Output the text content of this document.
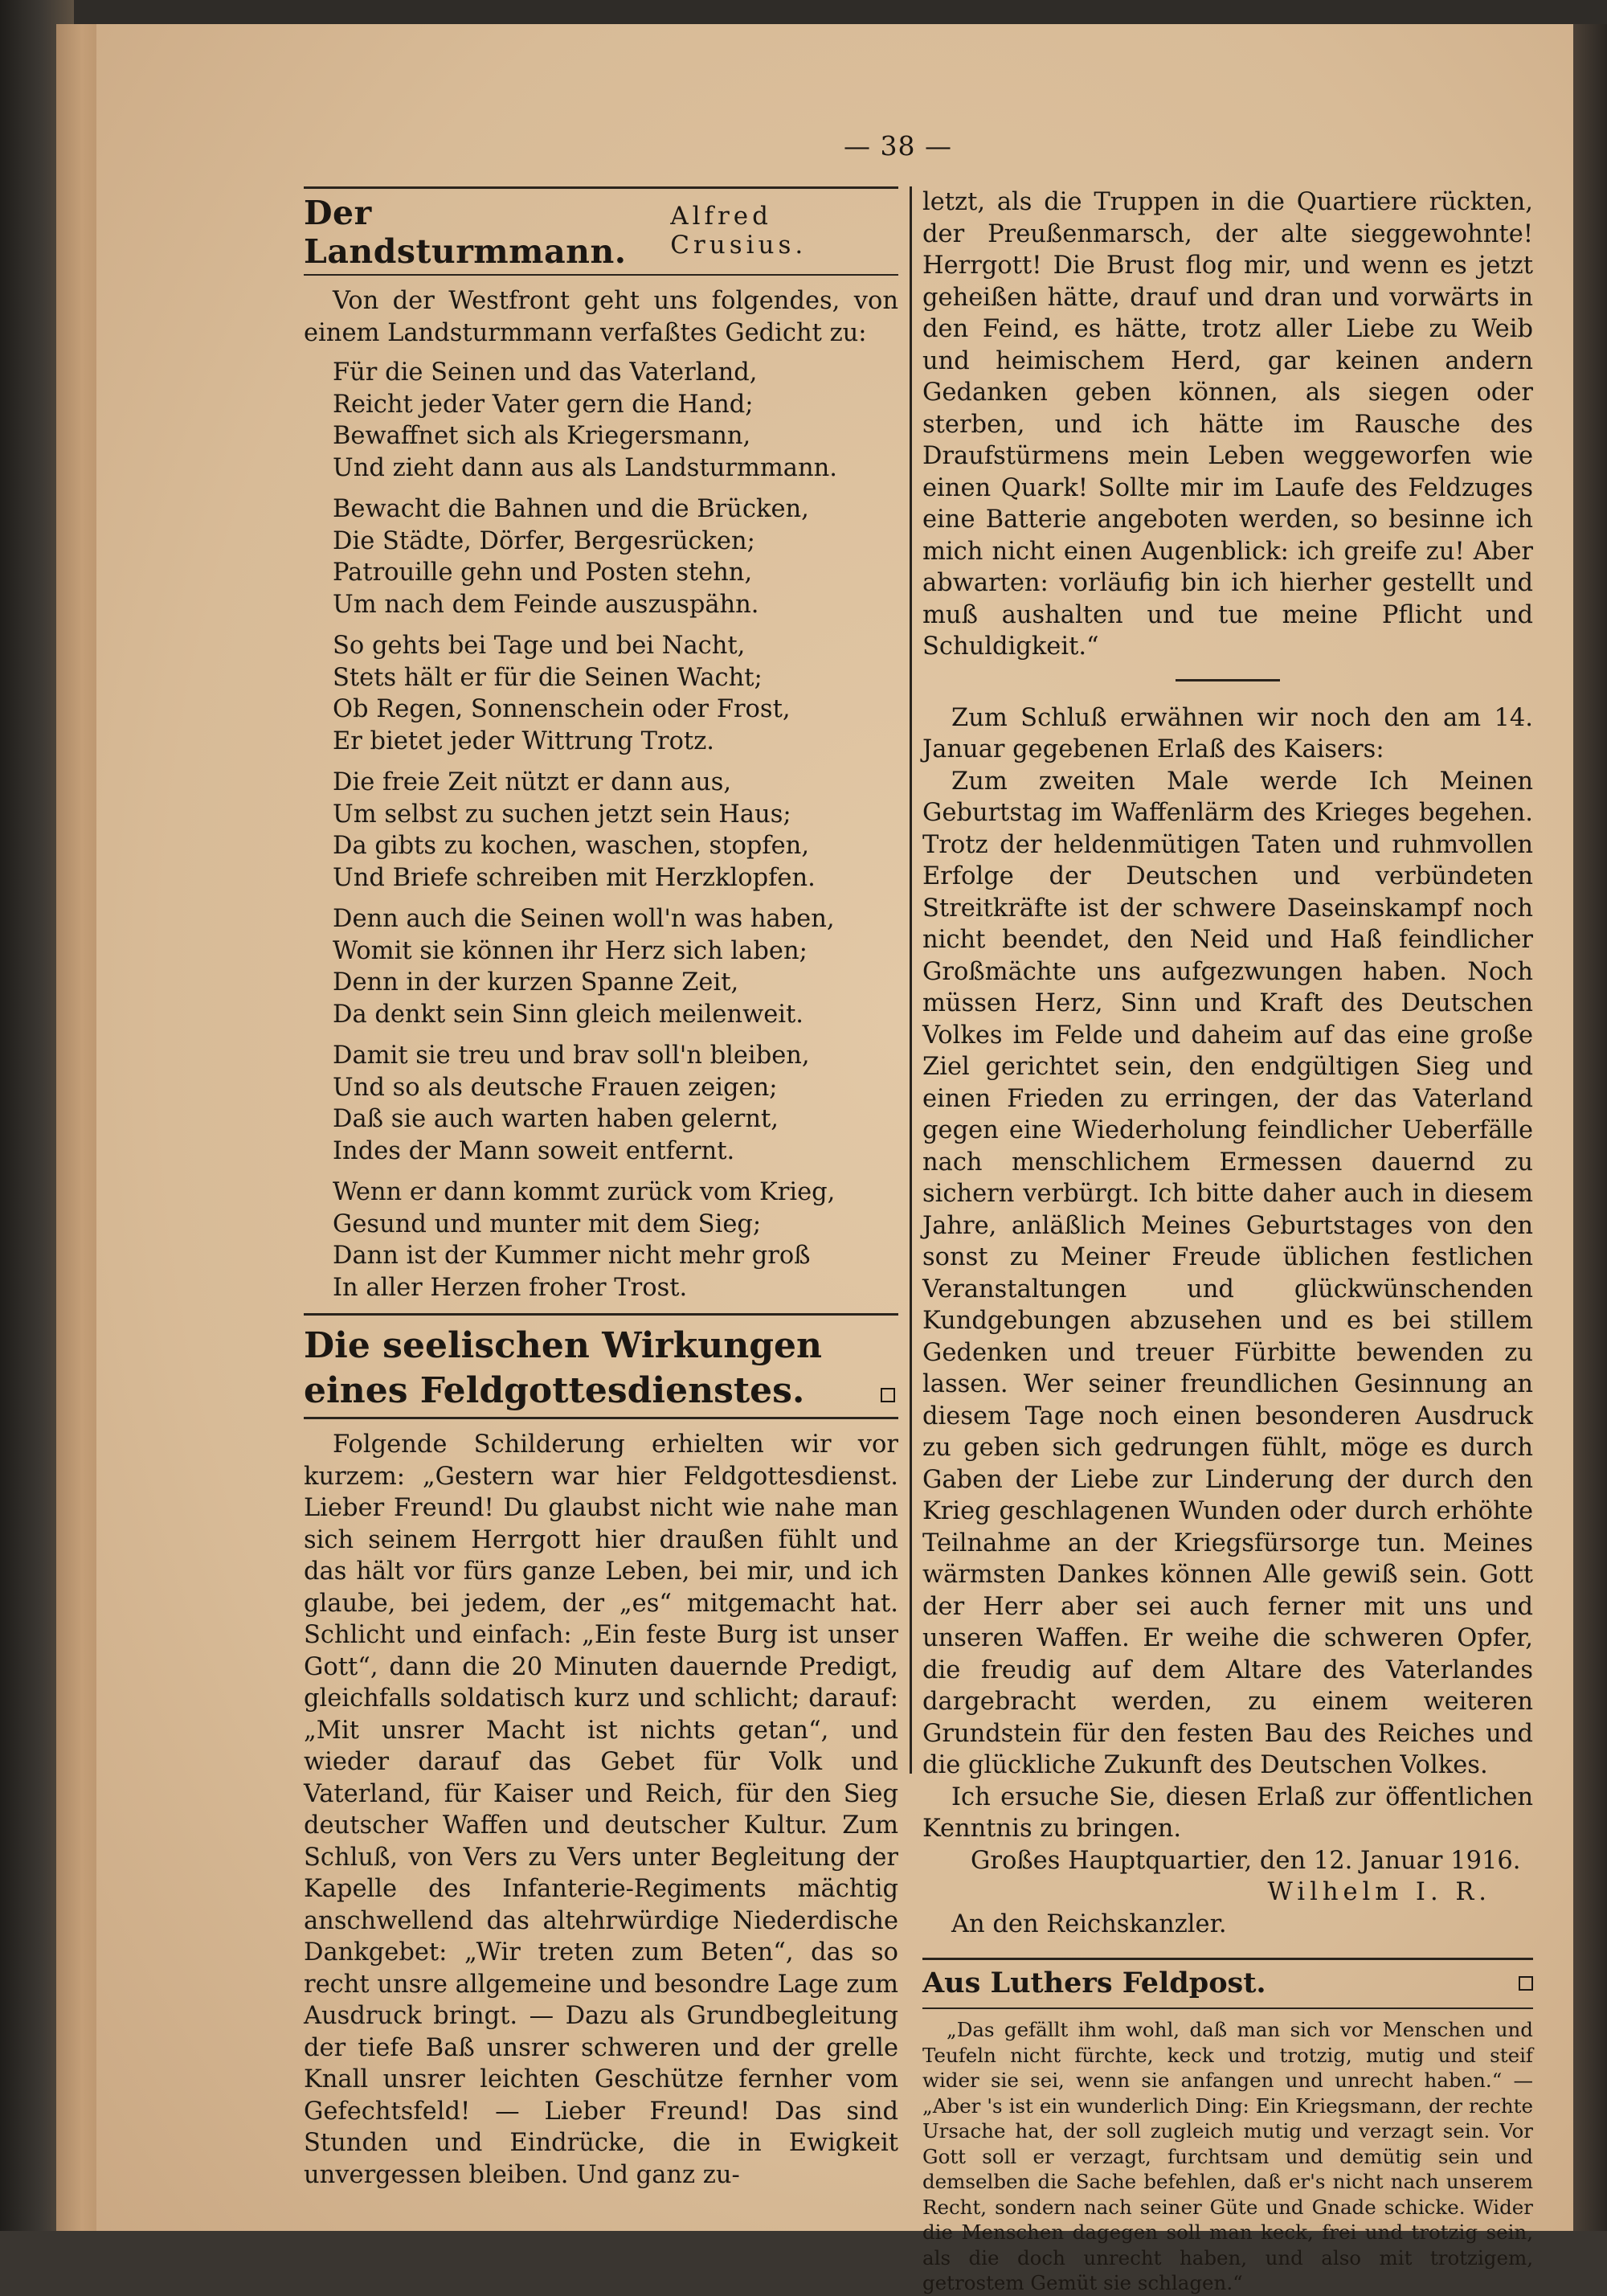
— 38 —
Der Landsturmmann.
Alfred Crusius.

Von der Westfront geht uns folgendes, von einem Landsturmmann verfaßtes Gedicht zu:

Für die Seinen und das Vaterland,
Reicht jeder Vater gern die Hand;
Bewaffnet sich als Kriegersmann,
Und zieht dann aus als Landsturmmann.
Bewacht die Bahnen und die Brücken,
Die Städte, Dörfer, Bergesrücken;
Patrouille gehn und Posten stehn,
Um nach dem Feinde auszuspähn.
So gehts bei Tage und bei Nacht,
Stets hält er für die Seinen Wacht;
Ob Regen, Sonnenschein oder Frost,
Er bietet jeder Wittrung Trotz.
Die freie Zeit nützt er dann aus,
Um selbst zu suchen jetzt sein Haus;
Da gibts zu kochen, waschen, stopfen,
Und Briefe schreiben mit Herzklopfen.
Denn auch die Seinen woll'n was haben,
Womit sie können ihr Herz sich laben;
Denn in der kurzen Spanne Zeit,
Da denkt sein Sinn gleich meilenweit.
Damit sie treu und brav soll'n bleiben,
Und so als deutsche Frauen zeigen;
Daß sie auch warten haben gelernt,
Indes der Mann soweit entfernt.
Wenn er dann kommt zurück vom Krieg,
Gesund und munter mit dem Sieg;
Dann ist der Kummer nicht mehr groß
In aller Herzen froher Trost.
Die seelischen Wirkungen eines Feldgottesdienstes.

Folgende Schilderung erhielten wir vor kurzem: „Gestern war hier Feldgottesdienst. Lieber Freund! Du glaubst nicht wie nahe man sich seinem Herrgott hier draußen fühlt und das hält vor fürs ganze Leben, bei mir, und ich glaube, bei jedem, der „es“ mitgemacht hat. Schlicht und einfach: „Ein feste Burg ist unser Gott“, dann die 20 Minuten dauernde Predigt, gleichfalls soldatisch kurz und schlicht; darauf: „Mit unsrer Macht ist nichts getan“, und wieder darauf das Gebet für Volk und Vaterland, für Kaiser und Reich, für den Sieg deutscher Waffen und deutscher Kultur. Zum Schluß, von Vers zu Vers unter Begleitung der Kapelle des Infanterie-Regiments mächtig anschwellend das altehrwürdige Niederdische Dankgebet: „Wir treten zum Beten“, das so recht unsre allgemeine und besondre Lage zum Ausdruck bringt. — Dazu als Grundbegleitung der tiefe Baß unsrer schweren und der grelle Knall unsrer leichten Geschütze fernher vom Gefechtsfeld! — Lieber Freund! Das sind Stunden und Eindrücke, die in Ewigkeit unvergessen bleiben. Und ganz zu-

letzt, als die Truppen in die Quartiere rückten, der Preußenmarsch, der alte sieggewohnte! Herrgott! Die Brust flog mir, und wenn es jetzt geheißen hätte, drauf und dran und vorwärts in den Feind, es hätte, trotz aller Liebe zu Weib und heimischem Herd, gar keinen andern Gedanken geben können, als siegen oder sterben, und ich hätte im Rausche des Draufstürmens mein Leben weggeworfen wie einen Quark! Sollte mir im Laufe des Feldzuges eine Batterie angeboten werden, so besinne ich mich nicht einen Augenblick: ich greife zu! Aber abwarten: vorläufig bin ich hierher gestellt und muß aushalten und tue meine Pflicht und Schuldigkeit.“

Zum Schluß erwähnen wir noch den am 14. Januar gegebenen Erlaß des Kaisers:

Zum zweiten Male werde Ich Meinen Geburtstag im Waffenlärm des Krieges begehen. Trotz der heldenmütigen Taten und ruhmvollen Erfolge der Deutschen und verbündeten Streitkräfte ist der schwere Daseinskampf noch nicht beendet, den Neid und Haß feindlicher Großmächte uns aufgezwungen haben. Noch müssen Herz, Sinn und Kraft des Deutschen Volkes im Felde und daheim auf das eine große Ziel gerichtet sein, den endgültigen Sieg und einen Frieden zu erringen, der das Vaterland gegen eine Wiederholung feindlicher Ueberfälle nach menschlichem Ermessen dauernd zu sichern verbürgt. Ich bitte daher auch in diesem Jahre, anläßlich Meines Geburtstages von den sonst zu Meiner Freude üblichen festlichen Veranstaltungen und glückwünschenden Kundgebungen abzusehen und es bei stillem Gedenken und treuer Fürbitte bewenden zu lassen. Wer seiner freundlichen Gesinnung an diesem Tage noch einen besonderen Ausdruck zu geben sich gedrungen fühlt, möge es durch Gaben der Liebe zur Linderung der durch den Krieg geschlagenen Wunden oder durch erhöhte Teilnahme an der Kriegsfürsorge tun. Meines wärmsten Dankes können Alle gewiß sein. Gott der Herr aber sei auch ferner mit uns und unseren Waffen. Er weihe die schweren Opfer, die freudig auf dem Altare des Vaterlandes dargebracht werden, zu einem weiteren Grundstein für den festen Bau des Reiches und die glückliche Zukunft des Deutschen Volkes.

Ich ersuche Sie, diesen Erlaß zur öffentlichen Kenntnis zu bringen.

Großes Hauptquartier, den 12. Januar 1916.

Wilhelm I. R.

An den Reichskanzler.

Aus Luthers Feldpost.

„Das gefällt ihm wohl, daß man sich vor Menschen und Teufeln nicht fürchte, keck und trotzig, mutig und steif wider sie sei, wenn sie anfangen und unrecht haben.“ — „Aber 's ist ein wunderlich Ding: Ein Kriegsmann, der rechte Ursache hat, der soll zugleich mutig und verzagt sein. Vor Gott soll er verzagt, furchtsam und demütig sein und demselben die Sache befehlen, daß er's nicht nach unserem Recht, sondern nach seiner Güte und Gnade schicke. Wider die Menschen dagegen soll man keck, frei und trotzig sein, als die doch unrecht haben, und also mit trotzigem, getrostem Gemüt sie schlagen.“
